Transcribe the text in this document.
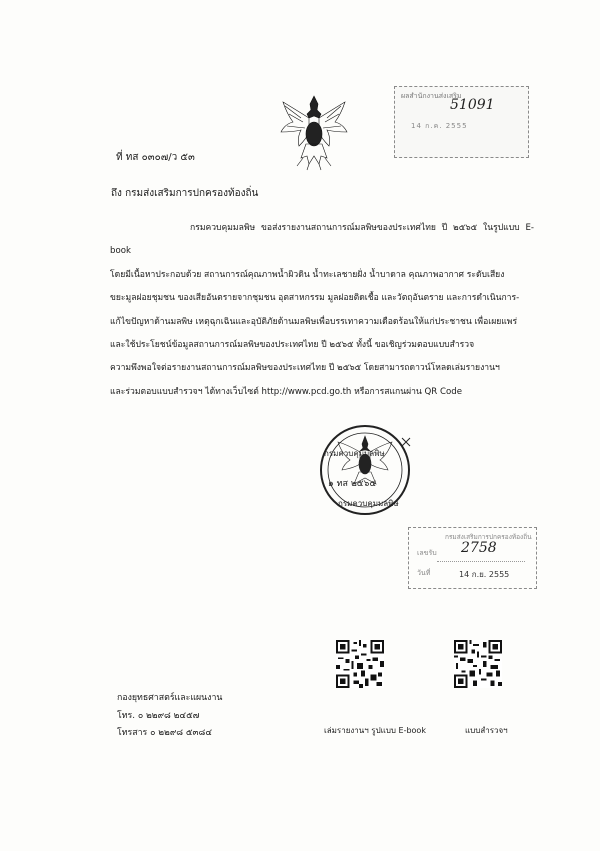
ผลสำนักงานส่งเสริม
51091
14 ก.ค. 2555
ที่ ทส ๐๓๐๗/ว ๕๓
ถึง กรมส่งเสริมการปกครองท้องถิ่น
กรมควบคุมมลพิษ ขอส่งรายงานสถานการณ์มลพิษของประเทศไทย ปี ๒๕๖๕ ในรูปแบบ E-book
โดยมีเนื้อหาประกอบด้วย สถานการณ์คุณภาพน้ำผิวดิน น้ำทะเลชายฝั่ง น้ำบาดาล คุณภาพอากาศ ระดับเสียง
ขยะมูลฝอยชุมชน ของเสียอันตรายจากชุมชน อุตสาหกรรม มูลฝอยติดเชื้อ และวัตถุอันตราย และการดำเนินการ-
แก้ไขปัญหาด้านมลพิษ เหตุฉุกเฉินและอุบัติภัยด้านมลพิษเพื่อบรรเทาความเดือดร้อนให้แก่ประชาชน เพื่อเผยแพร่
และใช้ประโยชน์ข้อมูลสถานการณ์มลพิษของประเทศไทย ปี ๒๕๖๕ ทั้งนี้ ขอเชิญร่วมตอบแบบสำรวจ
ความพึงพอใจต่อรายงานสถานการณ์มลพิษของประเทศไทย ปี ๒๕๖๕ โดยสามารถดาวน์โหลดเล่มรายงานฯ
และร่วมตอบแบบสำรวจฯ ได้ทางเว็บไซต์ http://www.pcd.go.th หรือการสแกนผ่าน QR Code
๑ ทส ๒๕๖๕
กรมควบคุมมลพิษ
กรมควบคุมมลพิษ
กรมส่งเสริมการปกครองท้องถิ่น
เลขรับ 2758
วันที่	14 ก.ย. 2555
เล่มรายงานฯ รูปแบบ E-book	แบบสำรวจฯ
กองยุทธศาสตร์และแผนงาน
โทร. ๐ ๒๒๙๘ ๒๔๕๗
โทรสาร ๐ ๒๒๙๘ ๕๓๘๔
